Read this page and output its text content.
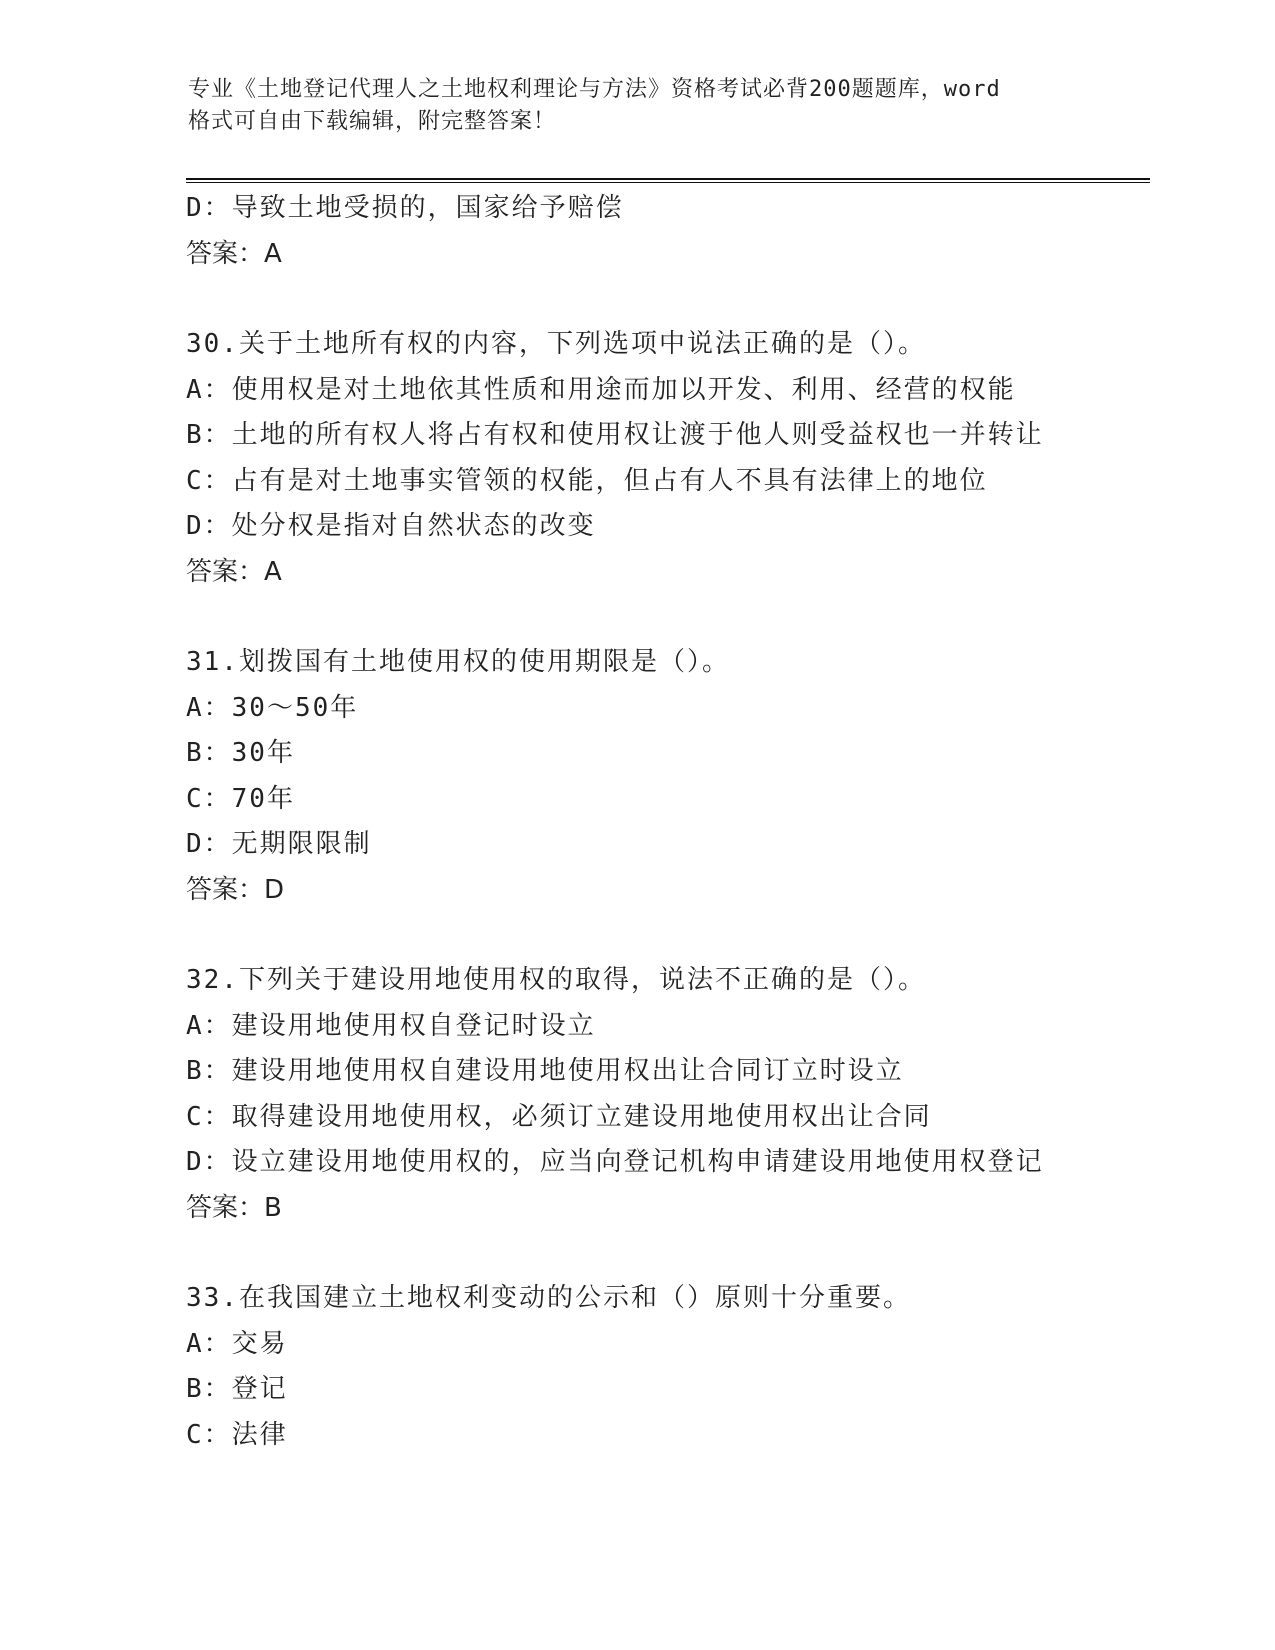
专业《土地登记代理人之土地权利理论与方法》资格考试必背200题题库，word
格式可自由下载编辑，附完整答案！
D：导致土地受损的，国家给予赔偿
答案：A
30.关于土地所有权的内容，下列选项中说法正确的是（）。
A：使用权是对土地依其性质和用途而加以开发、利用、经营的权能
B：土地的所有权人将占有权和使用权让渡于他人则受益权也一并转让
C：占有是对土地事实管领的权能，但占有人不具有法律上的地位
D：处分权是指对自然状态的改变
答案：A
31.划拨国有土地使用权的使用期限是（）。
A：30～50年
B：30年
C：70年
D：无期限限制
答案：D
32.下列关于建设用地使用权的取得，说法不正确的是（）。
A：建设用地使用权自登记时设立
B：建设用地使用权自建设用地使用权出让合同订立时设立
C：取得建设用地使用权，必须订立建设用地使用权出让合同
D：设立建设用地使用权的，应当向登记机构申请建设用地使用权登记
答案：B
33.在我国建立土地权利变动的公示和（）原则十分重要。
A：交易
B：登记
C：法律
